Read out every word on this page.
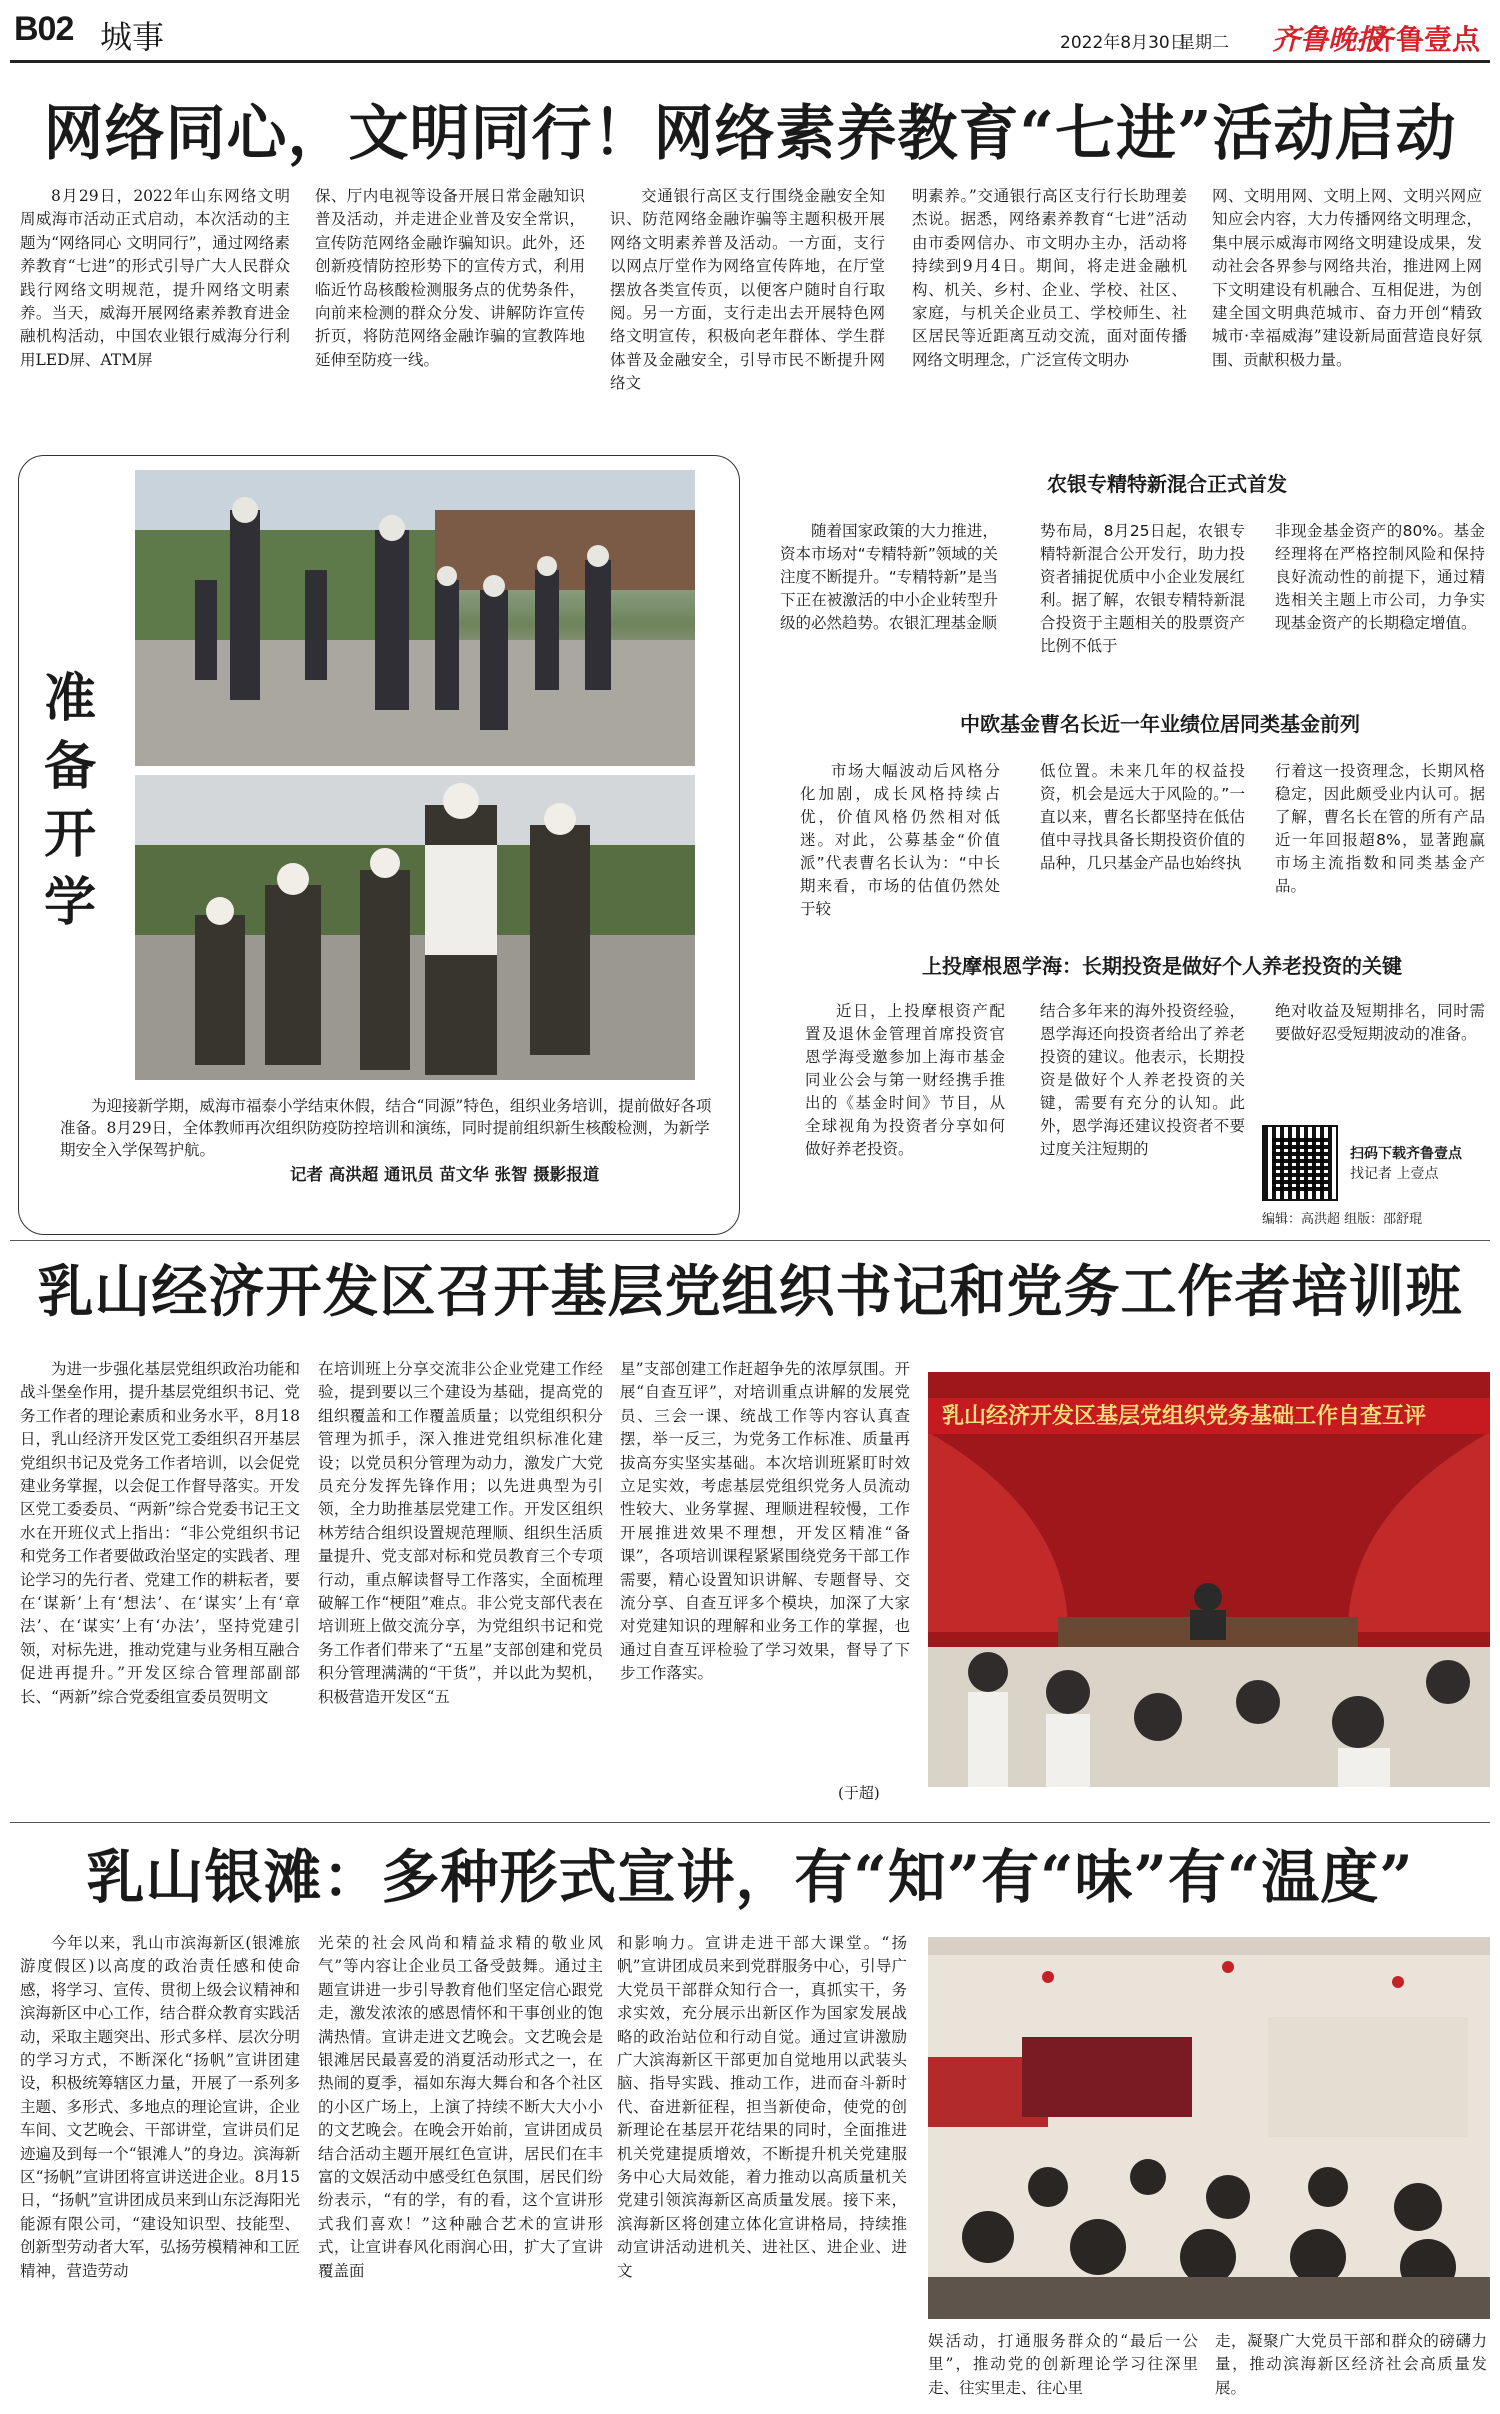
B02 城事	2022年8月30日
星期二 齐鲁晚报
齐鲁壹点
网络同心，文明同行！网络素养教育“七进”活动启动

8月29日，2022年山东网络文明周威海市活动正式启动，本次活动的主题为“网络同心 文明同行”，通过网络素养教育“七进”的形式引导广大人民群众践行网络文明规范，提升网络文明素养。当天，威海开展网络素养教育进金融机构活动，中国农业银行威海分行利用LED屏、ATM屏

保、厅内电视等设备开展日常金融知识普及活动，并走进企业普及安全常识，宣传防范网络金融诈骗知识。此外，还创新疫情防控形势下的宣传方式，利用临近竹岛核酸检测服务点的优势条件，向前来检测的群众分发、讲解防诈宣传折页，将防范网络金融诈骗的宣教阵地延伸至防疫一线。

交通银行高区支行围绕金融安全知识、防范网络金融诈骗等主题积极开展网络文明素养普及活动。一方面，支行以网点厅堂作为网络宣传阵地，在厅堂摆放各类宣传页，以便客户随时自行取阅。另一方面，支行走出去开展特色网络文明宣传，积极向老年群体、学生群体普及金融安全，引导市民不断提升网络文

明素养。”交通银行高区支行行长助理姜杰说。据悉，网络素养教育“七进”活动由市委网信办、市文明办主办，活动将持续到9月4日。期间，将走进金融机构、机关、乡村、企业、学校、社区、家庭，与机关企业员工、学校师生、社区居民等近距离互动交流，面对面传播网络文明理念，广泛宣传文明办

网、文明用网、文明上网、文明兴网应知应会内容，大力传播网络文明理念，集中展示威海市网络文明建设成果，发动社会各界参与网络共治，推进网上网下文明建设有机融合、互相促进，为创建全国文明典范城市、奋力开创“精致城市·幸福威海”建设新局面营造良好氛围、贡献积极力量。

准备开学
为迎接新学期，威海市福泰小学结束休假，结合“同源”特色，组织业务培训，提前做好各项准备。8月29日，全体教师再次组织防疫防控培训和演练，同时提前组织新生核酸检测，为新学期安全入学保驾护航。
记者 高洪超 通讯员 苗文华 张智 摄影报道
农银专精特新混合正式首发

随着国家政策的大力推进，资本市场对“专精特新”领域的关注度不断提升。“专精特新”是当下正在被激活的中小企业转型升级的必然趋势。农银汇理基金顺

势布局，8月25日起，农银专精特新混合公开发行，助力投资者捕捉优质中小企业发展红利。据了解，农银专精特新混合投资于主题相关的股票资产比例不低于

非现金基金资产的80%。基金经理将在严格控制风险和保持良好流动性的前提下，通过精选相关主题上市公司，力争实现基金资产的长期稳定增值。

中欧基金曹名长近一年业绩位居同类基金前列

市场大幅波动后风格分化加剧，成长风格持续占优，价值风格仍然相对低迷。对此，公募基金“价值派”代表曹名长认为：“中长期来看，市场的估值仍然处于较

低位置。未来几年的权益投资，机会是远大于风险的。”一直以来，曹名长都坚持在低估值中寻找具备长期投资价值的品种，几只基金产品也始终执

行着这一投资理念，长期风格稳定，因此颇受业内认可。据了解，曹名长在管的所有产品近一年回报超8%，显著跑赢市场主流指数和同类基金产品。

上投摩根恩学海：长期投资是做好个人养老投资的关键

近日，上投摩根资产配置及退休金管理首席投资官恩学海受邀参加上海市基金同业公会与第一财经携手推出的《基金时间》节目，从全球视角为投资者分享如何做好养老投资。

结合多年来的海外投资经验，恩学海还向投资者给出了养老投资的建议。他表示，长期投资是做好个人养老投资的关键，需要有充分的认知。此外，恩学海还建议投资者不要过度关注短期的

绝对收益及短期排名，同时需要做好忍受短期波动的准备。

扫码下载齐鲁壹点
找记者 上壹点
编辑：高洪超 组版：邵舒琨
乳山经济开发区召开基层党组织书记和党务工作者培训班

为进一步强化基层党组织政治功能和战斗堡垒作用，提升基层党组织书记、党务工作者的理论素质和业务水平，8月18日，乳山经济开发区党工委组织召开基层党组织书记及党务工作者培训，以会促党建业务掌握，以会促工作督导落实。开发区党工委委员、“两新”综合党委书记王文水在开班仪式上指出：“非公党组织书记和党务工作者要做政治坚定的实践者、理论学习的先行者、党建工作的耕耘者，要在‘谋新’上有‘想法’、在‘谋实’上有‘章法’、在‘谋实’上有‘办法’，坚持党建引领，对标先进，推动党建与业务相互融合促进再提升。”开发区综合管理部副部长、“两新”综合党委组宣委员贺明文

在培训班上分享交流非公企业党建工作经验，提到要以三个建设为基础，提高党的组织覆盖和工作覆盖质量；以党组织积分管理为抓手，深入推进党组织标准化建设；以党员积分管理为动力，激发广大党员充分发挥先锋作用；以先进典型为引领，全力助推基层党建工作。开发区组织林芳结合组织设置规范理顺、组织生活质量提升、党支部对标和党员教育三个专项行动，重点解读督导工作落实，全面梳理破解工作“梗阻”难点。非公党支部代表在培训班上做交流分享，为党组织书记和党务工作者们带来了“五星”支部创建和党员积分管理满满的“干货”，并以此为契机，积极营造开发区“五

星”支部创建工作赶超争先的浓厚氛围。开展“自查互评”，对培训重点讲解的发展党员、三会一课、统战工作等内容认真查摆，举一反三，为党务工作标准、质量再拔高夯实坚实基础。本次培训班紧盯时效立足实效，考虑基层党组织党务人员流动性较大、业务掌握、理顺进程较慢，工作开展推进效果不理想，开发区精准“备课”，各项培训课程紧紧围绕党务干部工作需要，精心设置知识讲解、专题督导、交流分享、自查互评多个模块，加深了大家对党建知识的理解和业务工作的掌握，也通过自查互评检验了学习效果，督导了下步工作落实。

(于超)
乳山经济开发区基层党组织党务基础工作自查互评
乳山银滩：多种形式宣讲，有“知”有“味”有“温度”

今年以来，乳山市滨海新区(银滩旅游度假区)以高度的政治责任感和使命感，将学习、宣传、贯彻上级会议精神和滨海新区中心工作，结合群众教育实践活动，采取主题突出、形式多样、层次分明的学习方式，不断深化“扬帆”宣讲团建设，积极统筹辖区力量，开展了一系列多主题、多形式、多地点的理论宣讲，企业车间、文艺晚会、干部讲堂，宣讲员们足迹遍及到每一个“银滩人”的身边。滨海新区“扬帆”宣讲团将宣讲送进企业。8月15日，“扬帆”宣讲团成员来到山东泛海阳光能源有限公司，“建设知识型、技能型、创新型劳动者大军，弘扬劳模精神和工匠精神，营造劳动

光荣的社会风尚和精益求精的敬业风气”等内容让企业员工备受鼓舞。通过主题宣讲进一步引导教育他们坚定信心跟党走，激发浓浓的感恩情怀和干事创业的饱满热情。宣讲走进文艺晚会。文艺晚会是银滩居民最喜爱的消夏活动形式之一，在热闹的夏季，福如东海大舞台和各个社区的小区广场上，上演了持续不断大大小小的文艺晚会。在晚会开始前，宣讲团成员结合活动主题开展红色宣讲，居民们在丰富的文娱活动中感受红色氛围，居民们纷纷表示，“有的学，有的看，这个宣讲形式我们喜欢！”这种融合艺术的宣讲形式，让宣讲春风化雨润心田，扩大了宣讲覆盖面

和影响力。宣讲走进干部大课堂。“扬帆”宣讲团成员来到党群服务中心，引导广大党员干部群众知行合一，真抓实干，务求实效，充分展示出新区作为国家发展战略的政治站位和行动自觉。通过宣讲激励广大滨海新区干部更加自觉地用以武装头脑、指导实践、推动工作，进而奋斗新时代、奋进新征程，担当新使命，使党的创新理论在基层开花结果的同时，全面推进机关党建提质增效，不断提升机关党建服务中心大局效能，着力推动以高质量机关党建引领滨海新区高质量发展。接下来，滨海新区将创建立体化宣讲格局，持续推动宣讲活动进机关、进社区、进企业、进文

娱活动，打通服务群众的“最后一公里”，推动党的创新理论学习往深里走、往实里走、往心里

走，凝聚广大党员干部和群众的磅礴力量，推动滨海新区经济社会高质量发展。
